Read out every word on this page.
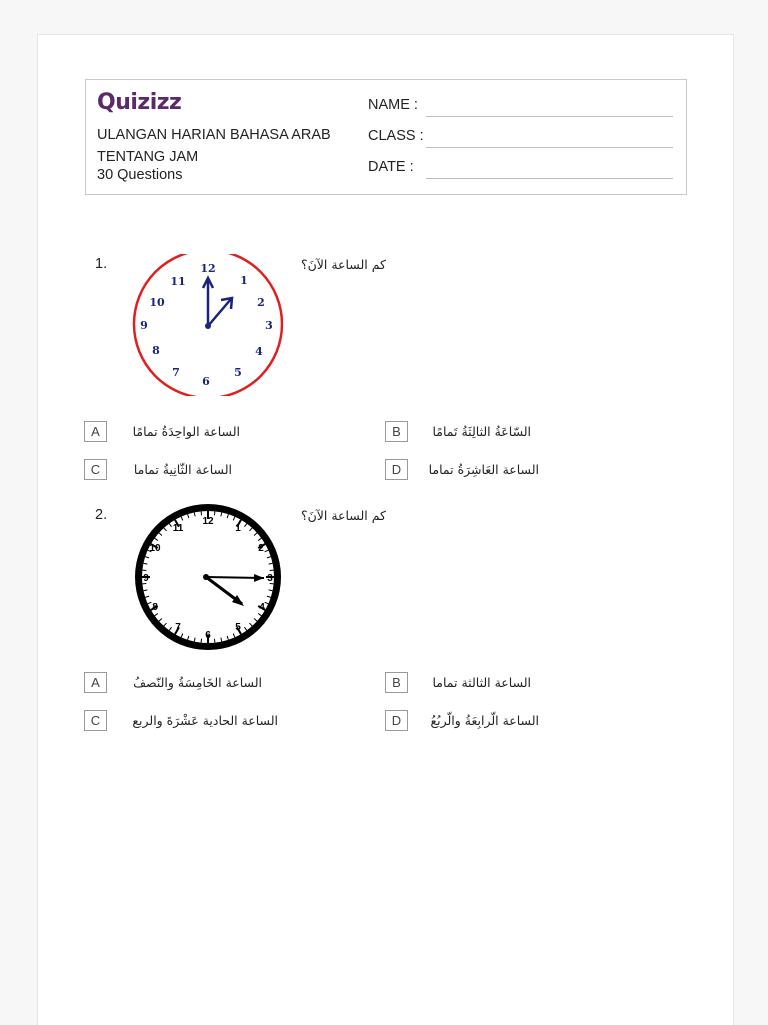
Quizizz
ULANGAN HARIAN BAHASA ARAB
TENTANG JAM
30 Questions
NAME :
CLASS :
DATE :
1.	كم الساعة الآنَ؟
12
1
2
3
4
5
6
7
8
9
10
11
A	الساعة الواحِدَةُ تمامًا	B	السّاعَةُ الثالِثَةُ تَمامًا
C	الساعة الثّانِيةُ تماما	D	الساعة العَاشِرَةُ تماما
2.	كم الساعة الآنَ؟
12
1
2
3
4
5
6
7
8
9
10
11
A	الساعة الخَامِسَةُ والنّصفُ	B	الساعة الثالثة تماما
C	الساعة الحادية عَشْرَةَ والربع	D	الساعة الّرابِعَةُ والّربُعُ
